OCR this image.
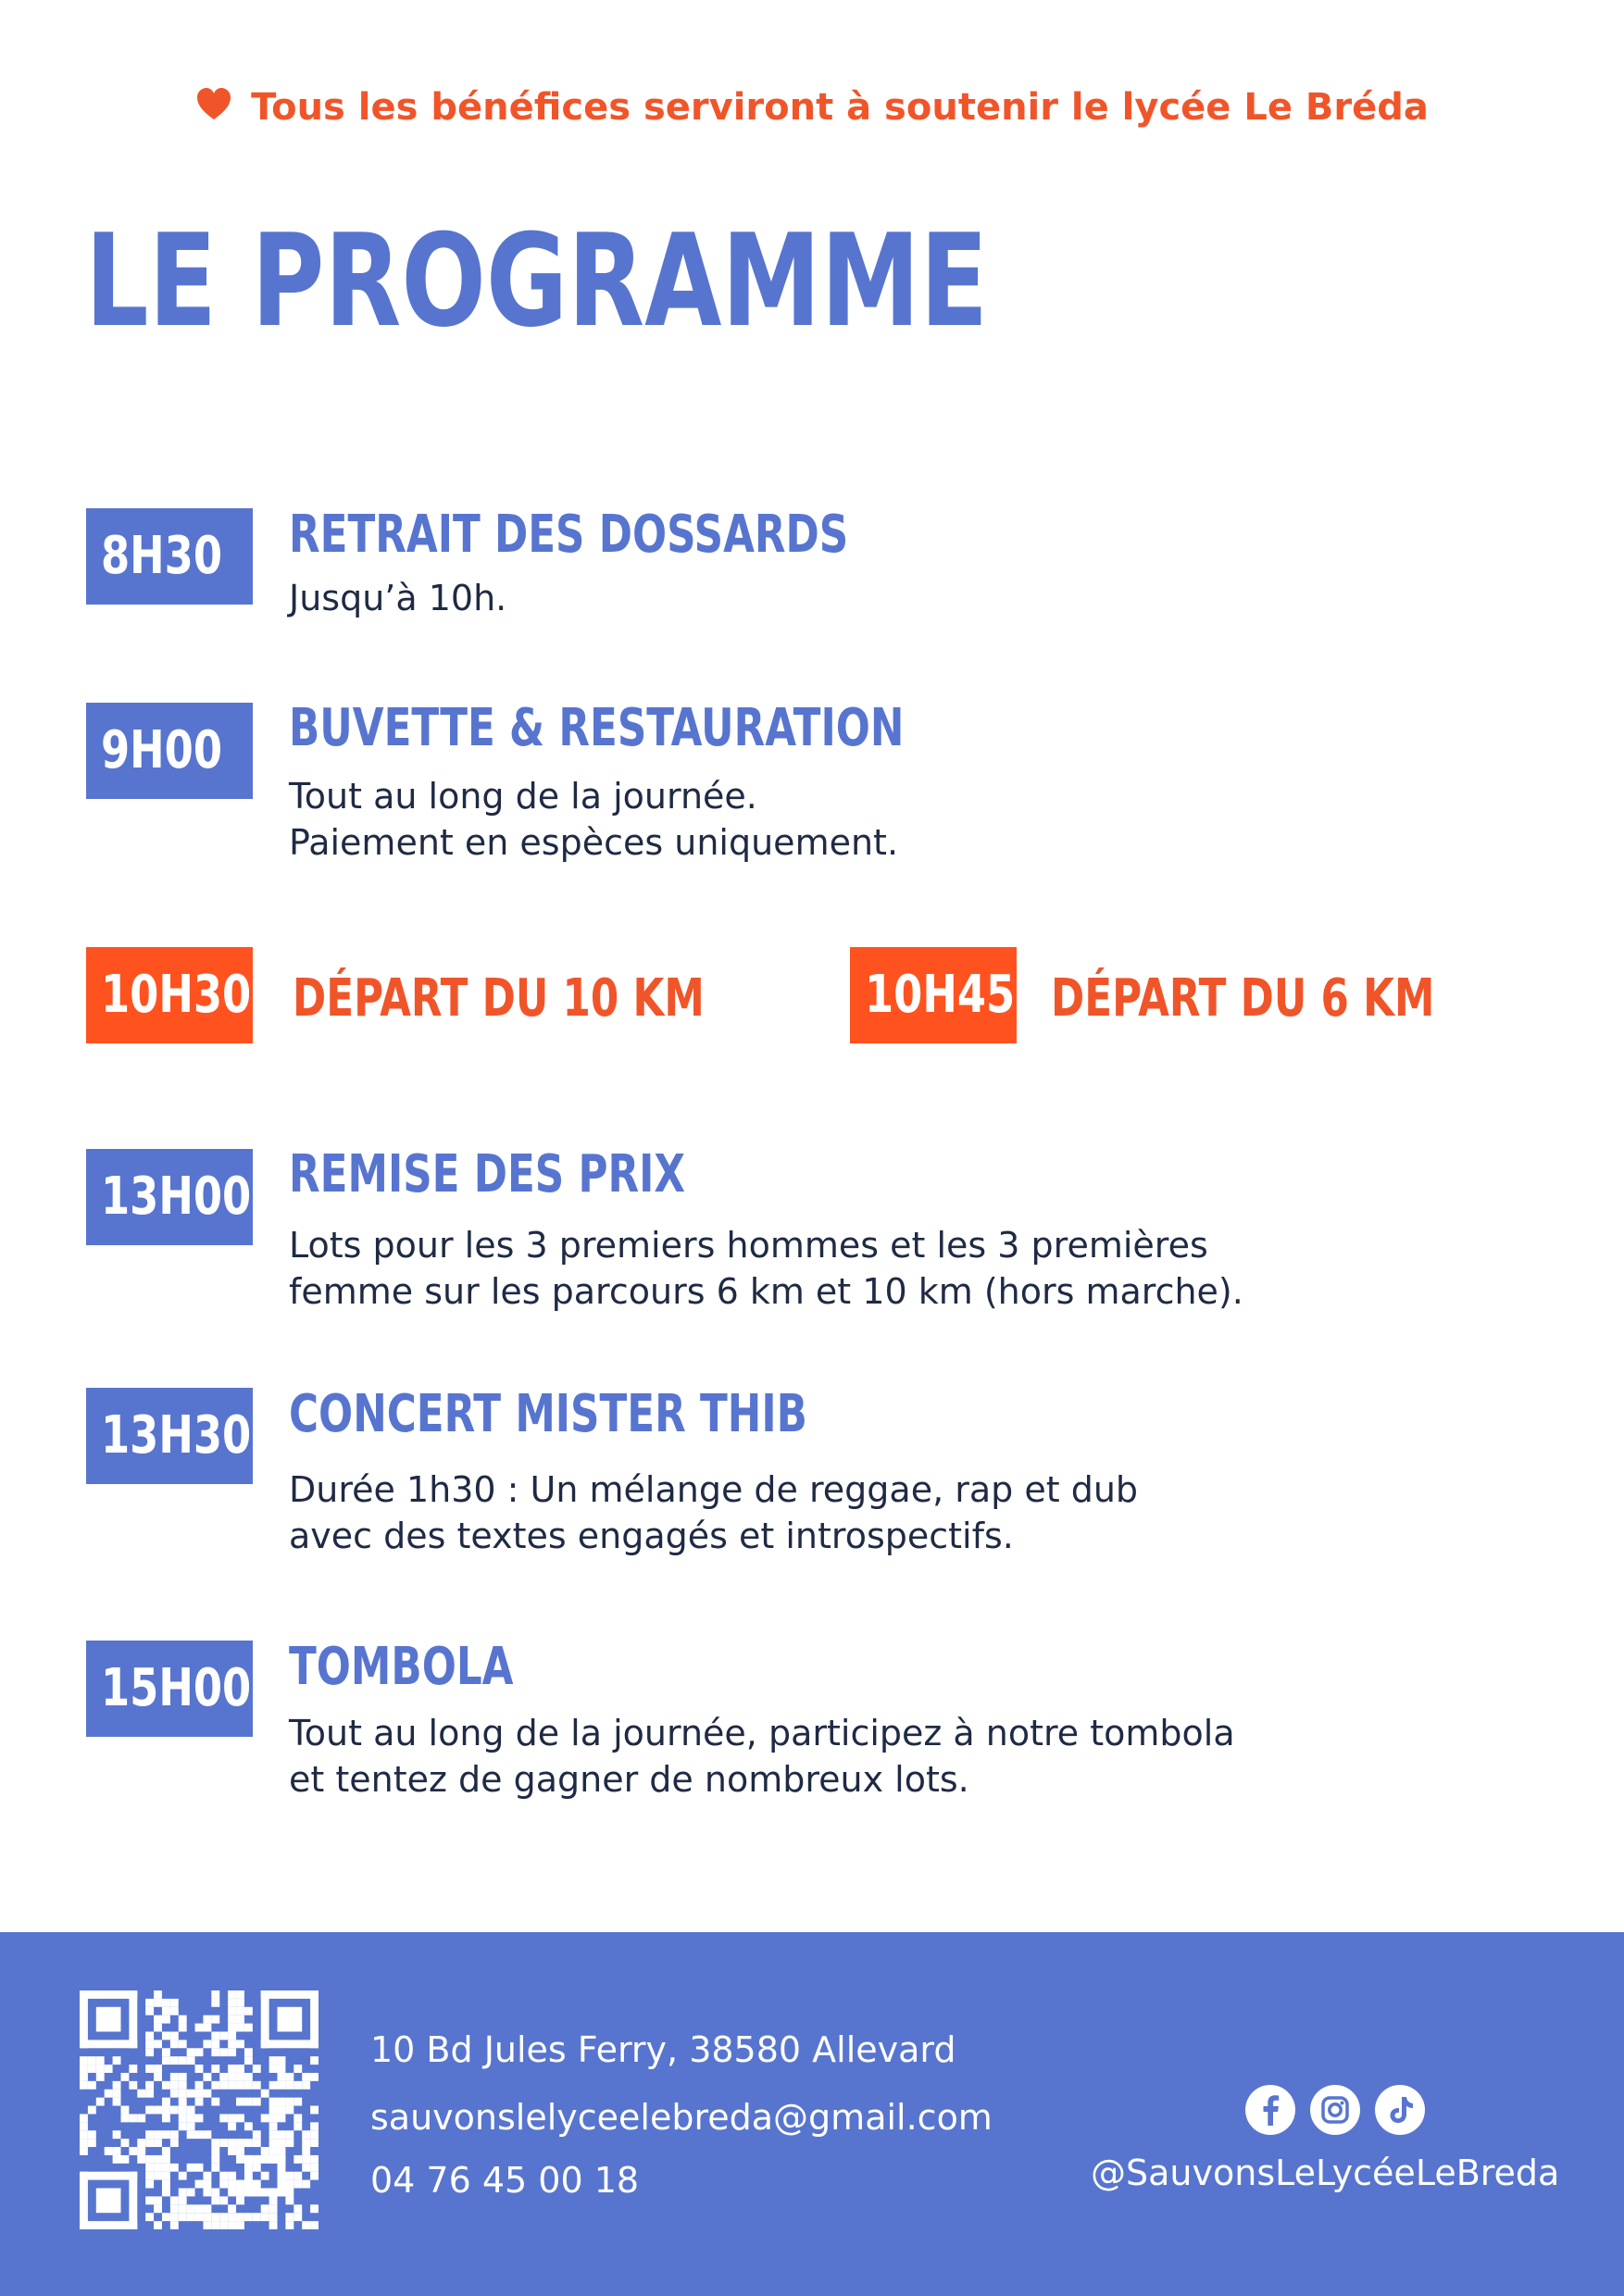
Tous les bénéfices serviront à soutenir le lycée Le Bréda
LE PROGRAMME
8H30	RETRAIT DES DOSSARDS
Jusqu’à 10h.
9H00	BUVETTE & RESTAURATION
Tout au long de la journée.
Paiement en espèces uniquement.
10H30 DÉPART DU 10 KM	10H45 DÉPART DU 6 KM
13H00 REMISE DES PRIX
Lots pour les 3 premiers hommes et les 3 premières
femme sur les parcours 6 km et 10 km (hors marche).
13H30 CONCERT MISTER THIB
Durée 1h30 : Un mélange de reggae, rap et dub
avec des textes engagés et introspectifs.
15H00 TOMBOLA
Tout au long de la journée, participez à notre tombola
et tentez de gagner de nombreux lots.
10 Bd Jules Ferry, 38580 Allevard
sauvonslelyceelebreda@gmail.com
04 76 45 00 18	@SauvonsLeLycéeLeBreda
